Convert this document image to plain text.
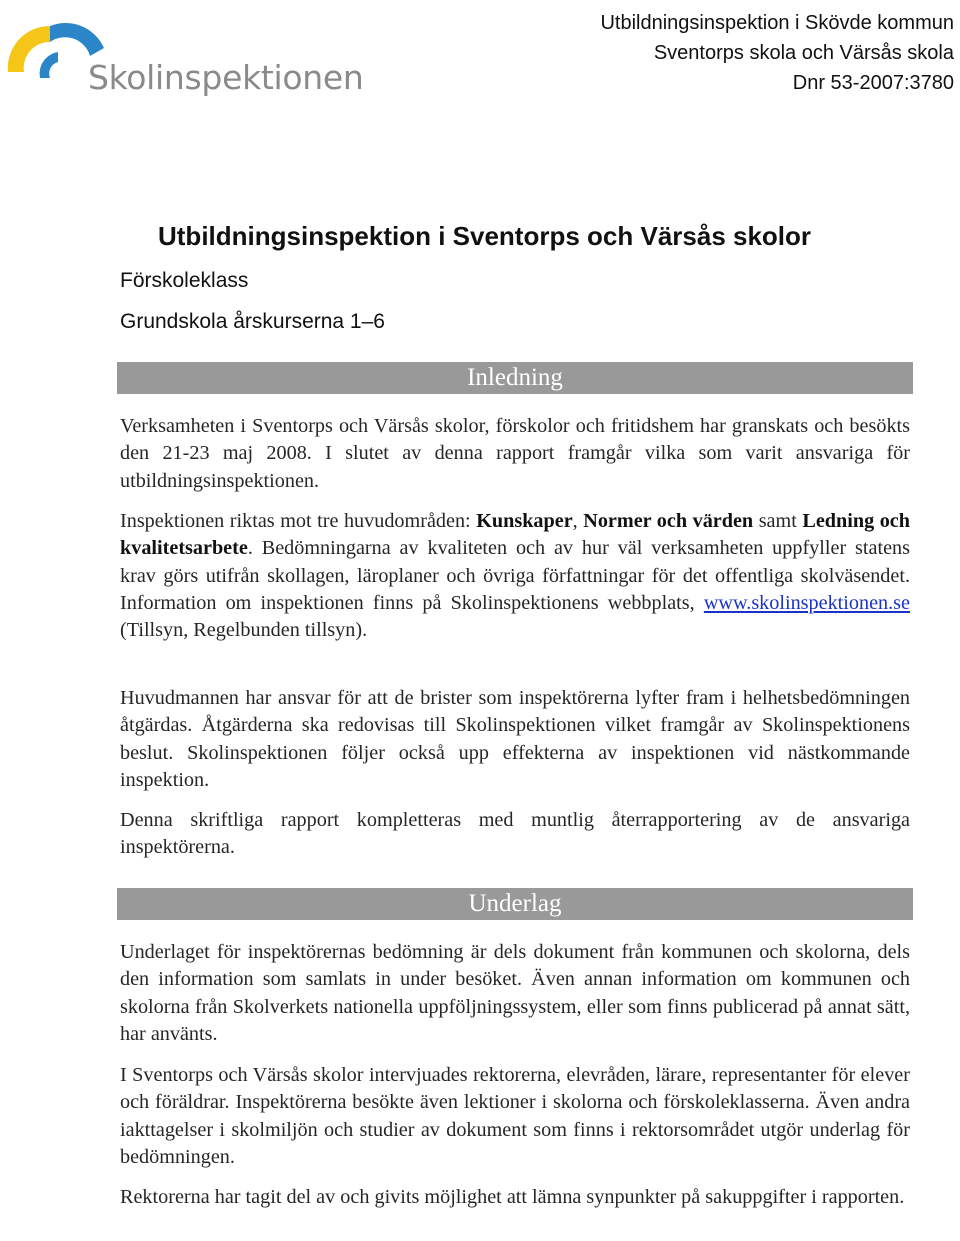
Skolinspektionen
Utbildningsinspektion i Skövde kommun
Sventorps skola och Värsås skola
Dnr 53-2007:3780
Utbildningsinspektion i Sventorps och Värsås skolor
Förskoleklass
Grundskola årskurserna 1–6
Inledning

Verksamheten i Sventorps och Värsås skolor, förskolor och fritidshem har granskats och besökts den 21-23 maj 2008. I slutet av denna rapport framgår vilka som varit ansvariga för utbildningsinspektionen.

Inspektionen riktas mot tre huvudområden: Kunskaper, Normer och värden samt Ledning och kvalitetsarbete. Bedömningarna av kvaliteten och av hur väl verksamheten uppfyller statens krav görs utifrån skollagen, läroplaner och övriga författningar för det offentliga skolväsendet. Information om inspektionen finns på Skolinspektionens webbplats, www.skolinspektionen.se (Tillsyn, Regelbunden tillsyn).

Huvudmannen har ansvar för att de brister som inspektörerna lyfter fram i helhetsbedömningen åtgärdas. Åtgärderna ska redovisas till Skolinspektionen vilket framgår av Skolinspektionens beslut. Skolinspektionen följer också upp effekterna av inspektionen vid nästkommande inspektion.

Denna skriftliga rapport kompletteras med muntlig återrapportering av de ansvariga inspektörerna.

Underlag

Underlaget för inspektörernas bedömning är dels dokument från kommunen och skolorna, dels den information som samlats in under besöket. Även annan information om kommunen och skolorna från Skolverkets nationella uppföljningssystem, eller som finns publicerad på annat sätt, har använts.

I Sventorps och Värsås skolor intervjuades rektorerna, elevråden, lärare, representanter för elever och föräldrar. Inspektörerna besökte även lektioner i skolorna och förskoleklasserna. Även andra iakttagelser i skolmiljön och studier av dokument som finns i rektorsområdet utgör underlag för bedömningen.

Rektorerna har tagit del av och givits möjlighet att lämna synpunkter på sakuppgifter i rapporten.
